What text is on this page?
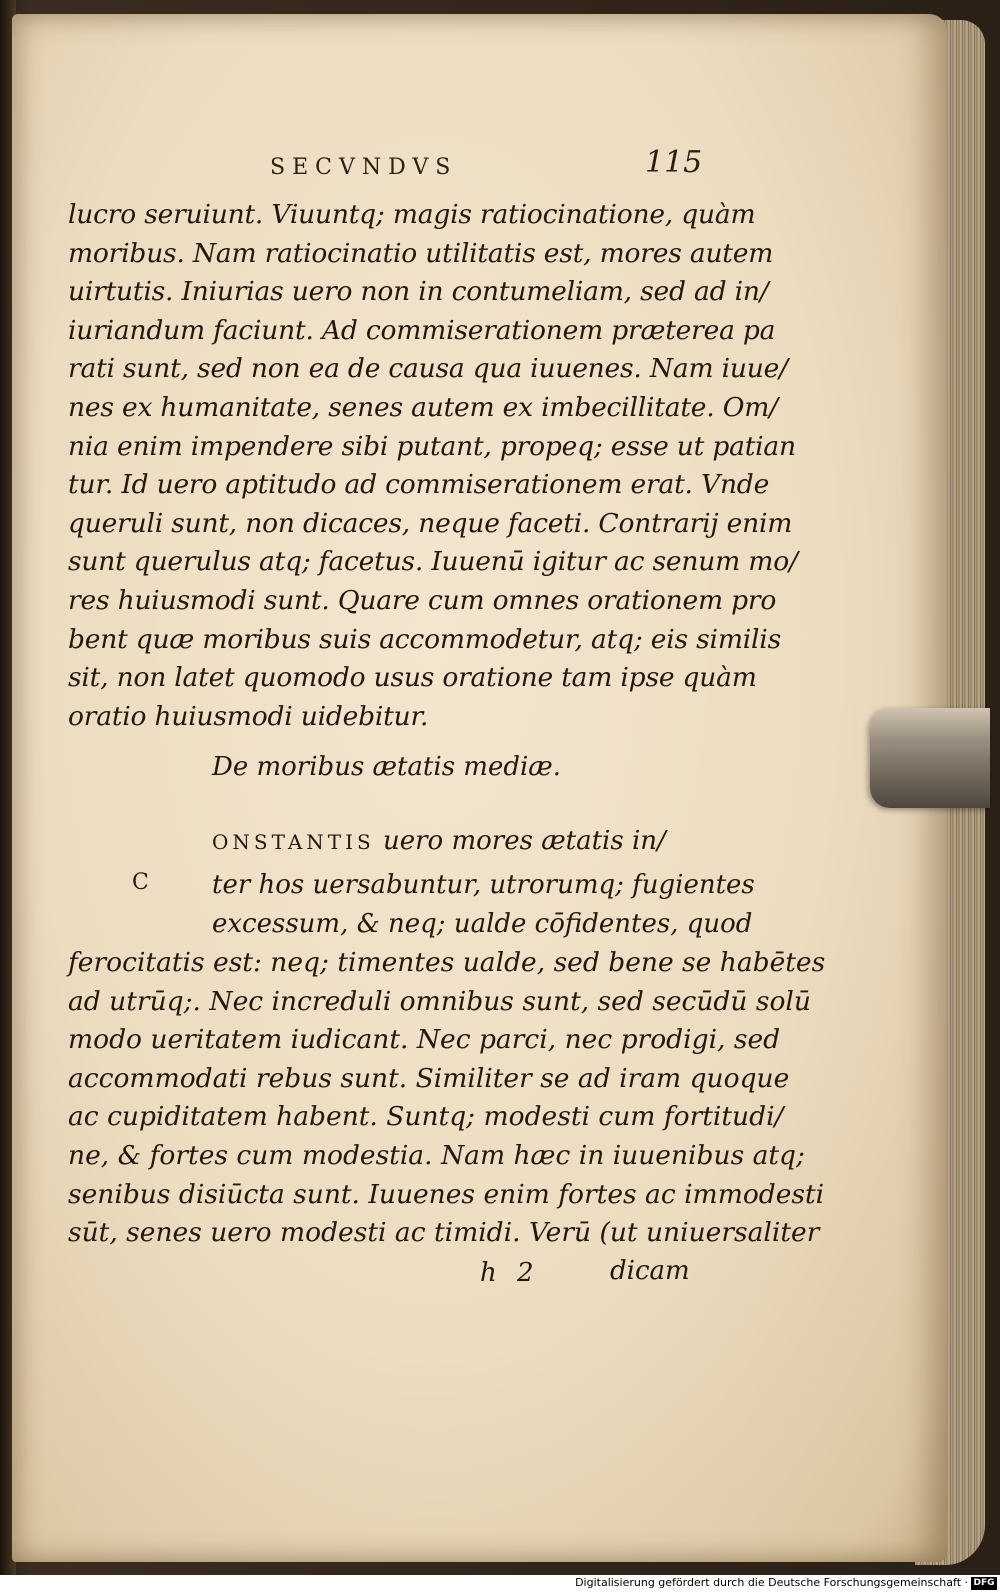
SECVNDVS	115
lucro seruiunt. Viuuntq; magis ratiocinatione, quàm
moribus. Nam ratiocinatio utilitatis est, mores autem
uirtutis. Iniurias uero non in contumeliam, sed ad in/
iuriandum faciunt. Ad commiserationem prӕterea pa
rati sunt, sed non ea de causa qua iuuenes. Nam iuue/
nes ex humanitate, senes autem ex imbecillitate. Om/
nia enim impendere sibi putant, propeq; esse ut patian
tur. Id uero aptitudo ad commiserationem erat. Vnde
queruli sunt, non dicaces, neque faceti. Contrarij enim
sunt querulus atq; facetus. Iuuenū igitur ac senum mo/
res huiusmodi sunt. Quare cum omnes orationem pro
bent quӕ moribus suis accommodetur, atq; eis similis
sit, non latet quomodo usus oratione tam ipse quàm
oratio huiusmodi uidebitur.
De moribus ӕtatis mediӕ.
ONSTANTIS uero mores ӕtatis in/
C ter hos uersabuntur, utrorumq; fugientes
excessum, & neq; ualde cōfidentes, quod
ferocitatis est: neq; timentes ualde, sed bene se habētes
ad utrūq;. Nec increduli omnibus sunt, sed secūdū solū
modo ueritatem iudicant. Nec parci, nec prodigi, sed
accommodati rebus sunt. Similiter se ad iram quoque
ac cupiditatem habent. Suntq; modesti cum fortitudi/
ne, & fortes cum modestia. Nam hӕc in iuuenibus atq;
senibus disiūcta sunt. Iuuenes enim fortes ac immodesti
sūt, senes uero modesti ac timidi. Verū (ut uniuersaliter
h 2	dicam
Digitalisierung gefördert durch die Deutsche Forschungsgemeinschaft · DFG
